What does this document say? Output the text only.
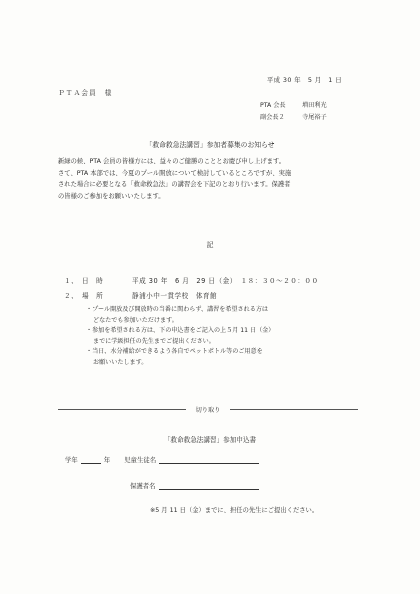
平成 30 年　5 月　1 日
ＰＴＡ会員　様
PTA 会長	増田利光
副会長２	寺尾裕子
「救命救急法講習」参加者募集のお知らせ
新緑の候、PTA 会員の皆様方には、益々のご健勝のこととお慶び申し上げます。
さて、PTA 本部では、今夏のプール開放について検討しているところですが、実施
された場合に必要となる「救命救急法」の講習会を下記のとおり行います。保護者
の皆様のご参加をお願いいたします。
記
１、 日　時	平成 30 年　6 月　29 日（金）　１８：３０～２０：００
２、 場　所	静浦小中一貫学校　体育館
・プール開放及び開放時の当番に関わらず、講習を希望される方は
どなたでも参加いただけます。
・参加を希望される方は、下の申込書をご記入の上５月 11 日（金）
までに学級担任の先生までご提出ください。
・当日、水分補給ができるよう各自でペットボトル等のご用意を
お願いいたします。
切り取り
「救命救急法講習」参加申込書
学年	年 児童生徒名
保護者名
※5 月 11 日（金）までに、担任の先生にご提出ください。
